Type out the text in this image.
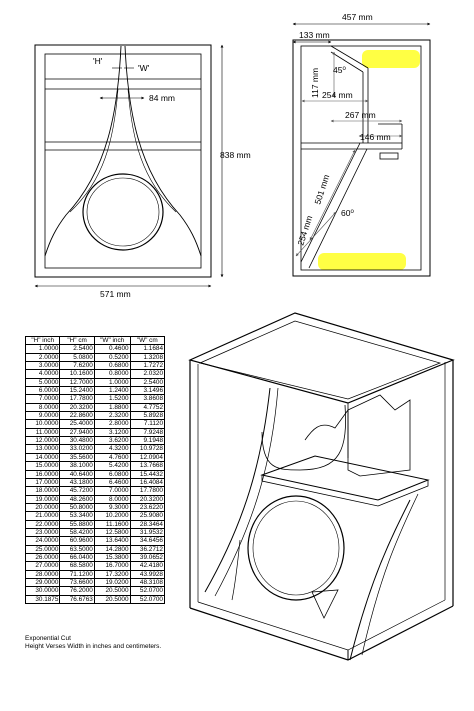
'H'
'W'
84 mm
838 mm
571 mm
457 mm
133 mm
45$^o$
117 mm 254 mm
267 mm
146 mm
501 mm
60$^o$
254 mm
"H" inch	"H" cm	"W" inch	"W" cm
1.0000	2.5400	0.4600	1.1684
2.0000	5.0800	0.5200	1.3208
3.0000	7.6200	0.6800	1.7272
4.0000	10.1600	0.8000	2.0320
5.0000	12.7000	1.0000	2.5400
6.0000	15.2400	1.2400	3.1496
7.0000	17.7800	1.5200	3.8608
8.0000	20.3200	1.8800	4.7752
9.0000	22.8600	2.3200	5.8928
10.0000	25.4000	2.8000	7.1120
11.0000	27.9400	3.1200	7.9248
12.0000	30.4800	3.6200	9.1948
13.0000	33.0200	4.3200	10.9728
14.0000	35.5600	4.7600	12.0904
15.0000	38.1000	5.4200	13.7668
16.0000	40.6400	6.0800	15.4432
17.0000	43.1800	6.4600	16.4084
18.0000	45.7200	7.0000	17.7800
19.0000	48.2600	8.0000	20.3200
20.0000	50.8000	9.3000	23.6220
21.0000	53.3400	10.2000	25.9080
22.0000	55.8800	11.1600	28.3464
23.0000	58.4200	12.5800	31.9532
24.0000	60.9600	13.6400	34.6456
25.0000	63.5000	14.2800	36.2712
26.0000	66.0400	15.3800	39.0652
27.0000	68.5800	16.7000	42.4180
28.0000	71.1200	17.3200	43.9928
29.0000	73.6600	19.0200	48.3108
30.0000	76.2000	20.5000	52.0700
30.1875	76.6763	20.5000	52.0700
Exponential Cut
Height Verses Width in inches and centimeters.
